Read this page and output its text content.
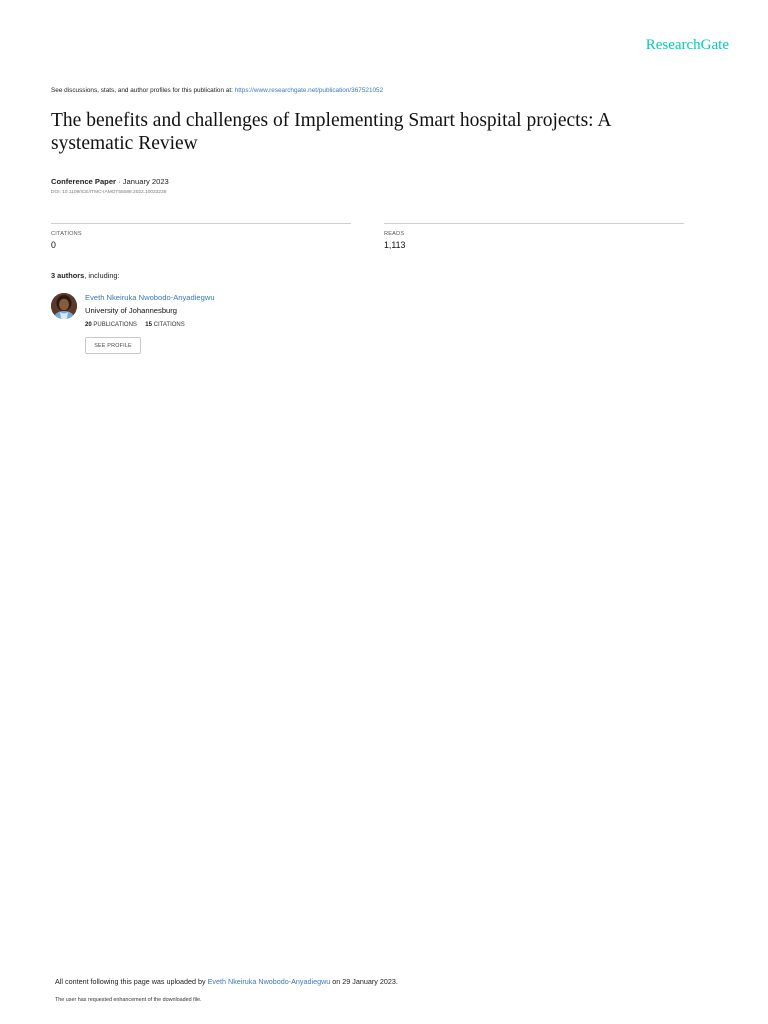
ResearchGate
See discussions, stats, and author profiles for this publication at: https://www.researchgate.net/publication/367521052
The benefits and challenges of Implementing Smart hospital projects: A systematic Review
Conference Paper · January 2023
DOI: 10.1109/ICE/ITMC-IAMOT55089.2022.10033238
CITATIONS
0
READS
1,113
3 authors, including:
Eveth Nkeiruka Nwobodo-Anyadiegwu
University of Johannesburg
20 PUBLICATIONS 15 CITATIONS
SEE PROFILE
All content following this page was uploaded by Eveth Nkeiruka Nwobodo-Anyadiegwu on 29 January 2023.
The user has requested enhancement of the downloaded file.
